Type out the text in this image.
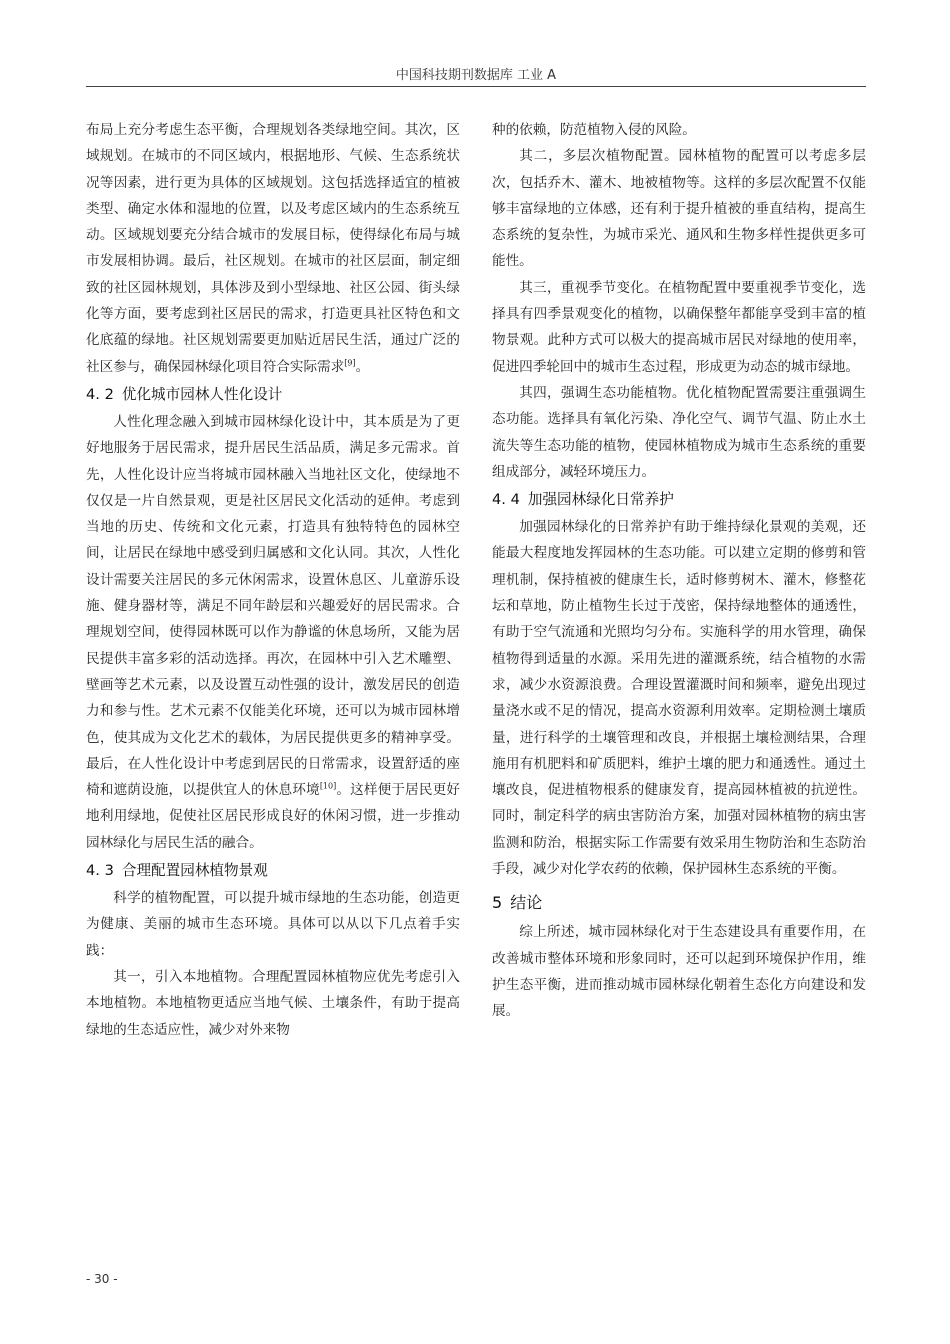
中国科技期刊数据库 工业 A

布局上充分考虑生态平衡，合理规划各类绿地空间。其次，区域规划。在城市的不同区域内，根据地形、气候、生态系统状况等因素，进行更为具体的区域规划。这包括选择适宜的植被类型、确定水体和湿地的位置，以及考虑区域内的生态系统互动。区域规划要充分结合城市的发展目标，使得绿化布局与城市发展相协调。最后，社区规划。在城市的社区层面，制定细致的社区园林规划，具体涉及到小型绿地、社区公园、街头绿化等方面，要考虑到社区居民的需求，打造更具社区特色和文化底蕴的绿地。社区规划需要更加贴近居民生活，通过广泛的社区参与，确保园林绿化项目符合实际需求[9]。

4. 2 优化城市园林人性化设计

人性化理念融入到城市园林绿化设计中，其本质是为了更好地服务于居民需求，提升居民生活品质，满足多元需求。首先，人性化设计应当将城市园林融入当地社区文化，使绿地不仅仅是一片自然景观，更是社区居民文化活动的延伸。考虑到当地的历史、传统和文化元素，打造具有独特特色的园林空间，让居民在绿地中感受到归属感和文化认同。其次，人性化设计需要关注居民的多元休闲需求，设置休息区、儿童游乐设施、健身器材等，满足不同年龄层和兴趣爱好的居民需求。合理规划空间，使得园林既可以作为静谧的休息场所，又能为居民提供丰富多彩的活动选择。再次，在园林中引入艺术雕塑、壁画等艺术元素，以及设置互动性强的设计，激发居民的创造力和参与性。艺术元素不仅能美化环境，还可以为城市园林增色，使其成为文化艺术的载体，为居民提供更多的精神享受。最后，在人性化设计中考虑到居民的日常需求，设置舒适的座椅和遮荫设施，以提供宜人的休息环境[10]。这样便于居民更好地利用绿地，促使社区居民形成良好的休闲习惯，进一步推动园林绿化与居民生活的融合。

4. 3 合理配置园林植物景观

科学的植物配置，可以提升城市绿地的生态功能，创造更为健康、美丽的城市生态环境。具体可以从以下几点着手实践：

其一，引入本地植物。合理配置园林植物应优先考虑引入本地植物。本地植物更适应当地气候、土壤条件，有助于提高绿地的生态适应性，减少对外来物

种的依赖，防范植物入侵的风险。

其二，多层次植物配置。园林植物的配置可以考虑多层次，包括乔木、灌木、地被植物等。这样的多层次配置不仅能够丰富绿地的立体感，还有利于提升植被的垂直结构，提高生态系统的复杂性，为城市采光、通风和生物多样性提供更多可能性。

其三，重视季节变化。在植物配置中要重视季节变化，选择具有四季景观变化的植物，以确保整年都能享受到丰富的植物景观。此种方式可以极大的提高城市居民对绿地的使用率，促进四季轮回中的城市生态过程，形成更为动态的城市绿地。

其四，强调生态功能植物。优化植物配置需要注重强调生态功能。选择具有氧化污染、净化空气、调节气温、防止水土流失等生态功能的植物，使园林植物成为城市生态系统的重要组成部分，减轻环境压力。

4. 4 加强园林绿化日常养护

加强园林绿化的日常养护有助于维持绿化景观的美观，还能最大程度地发挥园林的生态功能。可以建立定期的修剪和管理机制，保持植被的健康生长，适时修剪树木、灌木，修整花坛和草地，防止植物生长过于茂密，保持绿地整体的通透性，有助于空气流通和光照均匀分布。实施科学的用水管理，确保植物得到适量的水源。采用先进的灌溉系统，结合植物的水需求，减少水资源浪费。合理设置灌溉时间和频率，避免出现过量浇水或不足的情况，提高水资源利用效率。定期检测土壤质量，进行科学的土壤管理和改良，并根据土壤检测结果，合理施用有机肥料和矿质肥料，维护土壤的肥力和通透性。通过土壤改良，促进植物根系的健康发育，提高园林植被的抗逆性。同时，制定科学的病虫害防治方案，加强对园林植物的病虫害监测和防治，根据实际工作需要有效采用生物防治和生态防治手段，减少对化学农药的依赖，保护园林生态系统的平衡。

5 结论

综上所述，城市园林绿化对于生态建设具有重要作用，在改善城市整体环境和形象同时，还可以起到环境保护作用，维护生态平衡，进而推动城市园林绿化朝着生态化方向建设和发展。

- 30 -
